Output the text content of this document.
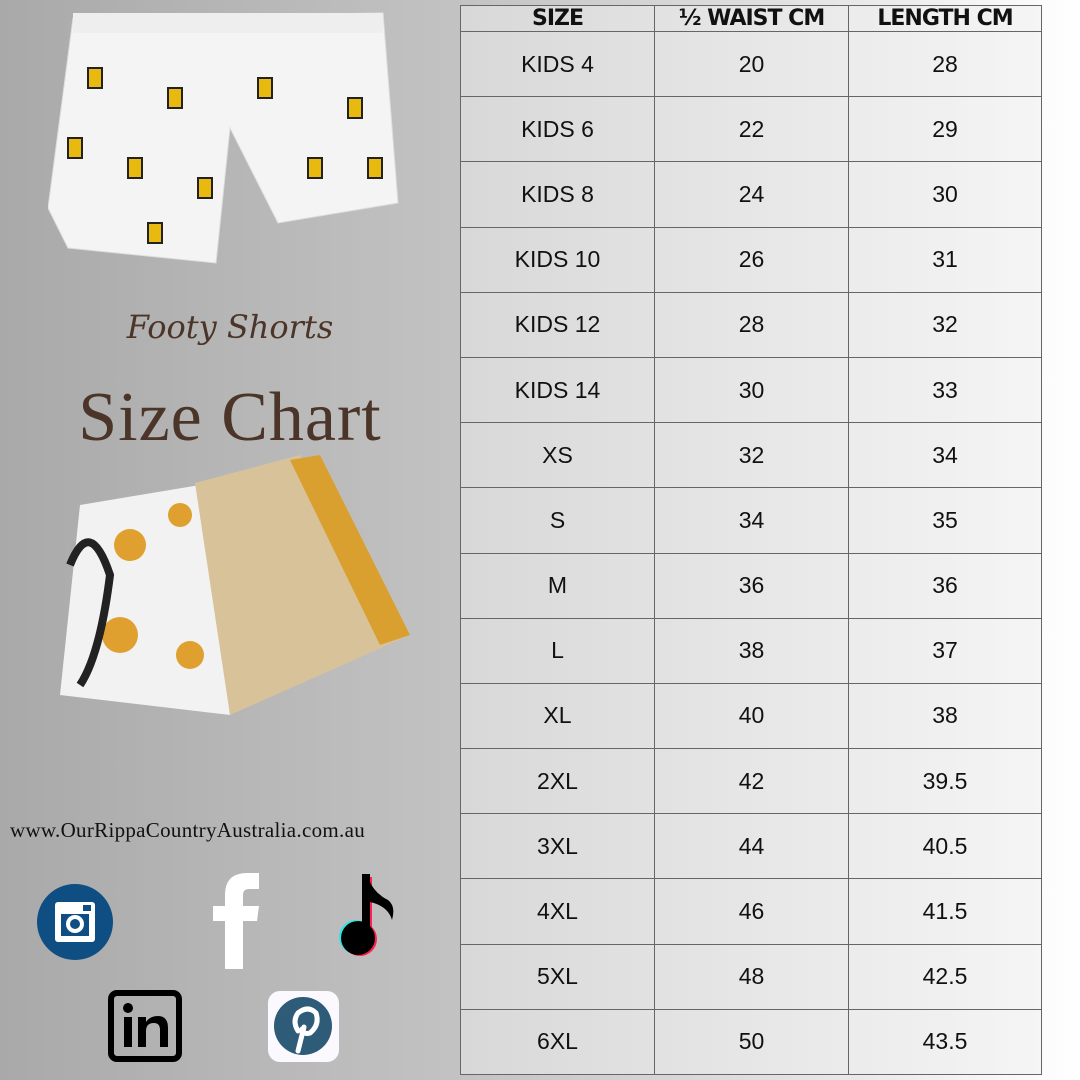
Footy Shorts
Size Chart
www.OurRippaCountryAustralia.com.au
SIZE	½ WAIST CM	LENGTH CM
KIDS 4	20	28
KIDS 6	22	29
KIDS 8	24	30
KIDS 10	26	31
KIDS 12	28	32
KIDS 14	30	33
XS	32	34
S	34	35
M	36	36
L	38	37
XL	40	38
2XL	42	39.5
3XL	44	40.5
4XL	46	41.5
5XL	48	42.5
6XL	50	43.5
